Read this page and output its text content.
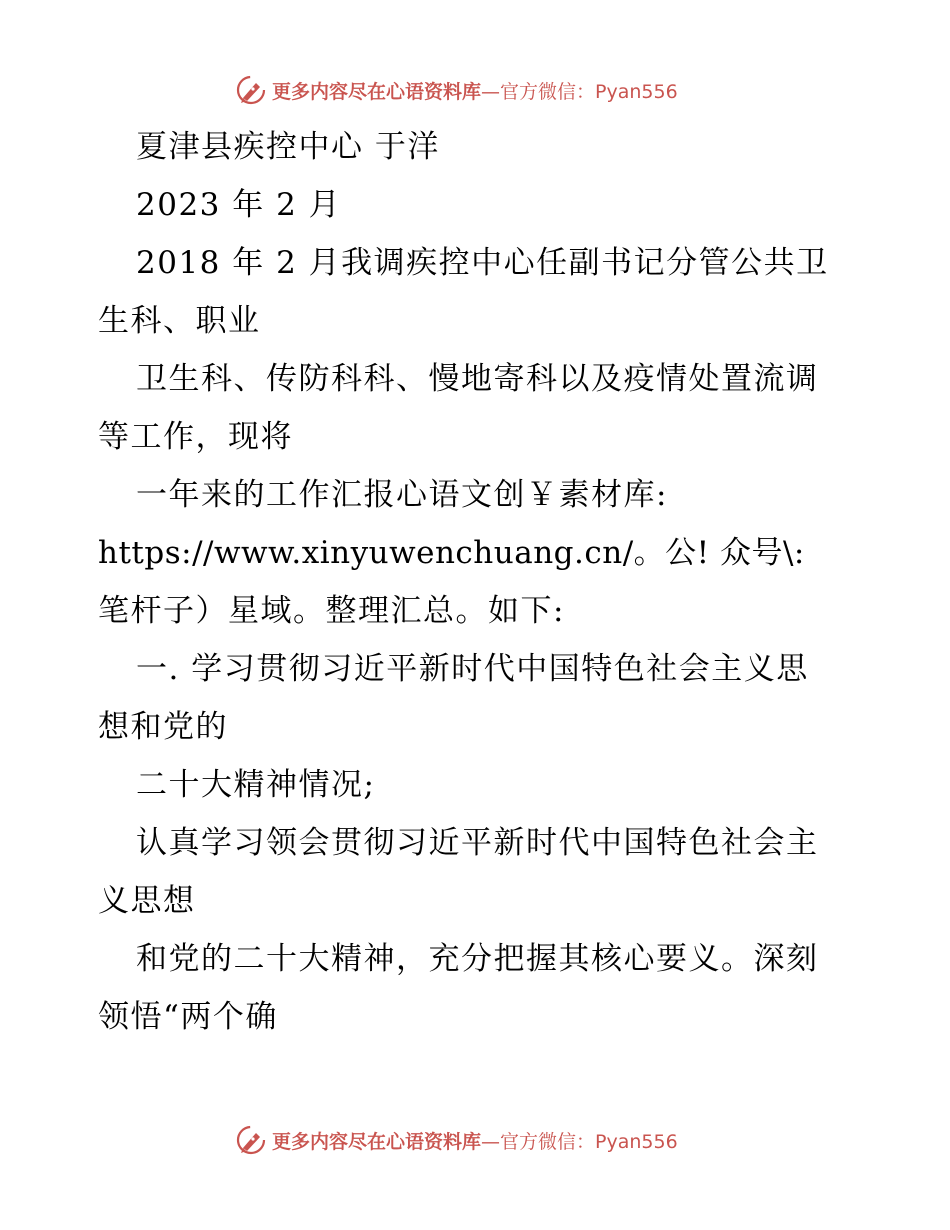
更多内容尽在心语资料库—官方微信：Pyan556
夏津县疾控中心 于洋
2023 年 2 月
2018 年 2 月我调疾控中心任副书记分管公共卫
生科、职业
卫生科、传防科科、慢地寄科以及疫情处置流调
等工作，现将
一年来的工作汇报心语文创￥素材库:
https://www.xinyuwenchuang.cn/。公! 众号\:
笔杆子）星域。整理汇总。如下:
一. 学习贯彻习近平新时代中国特色社会主义思
想和党的
二十大精神情况;
认真学习领会贯彻习近平新时代中国特色社会主
义思想
和党的二十大精神，充分把握其核心要义。深刻
领悟“两个确
更多内容尽在心语资料库—官方微信：Pyan556
